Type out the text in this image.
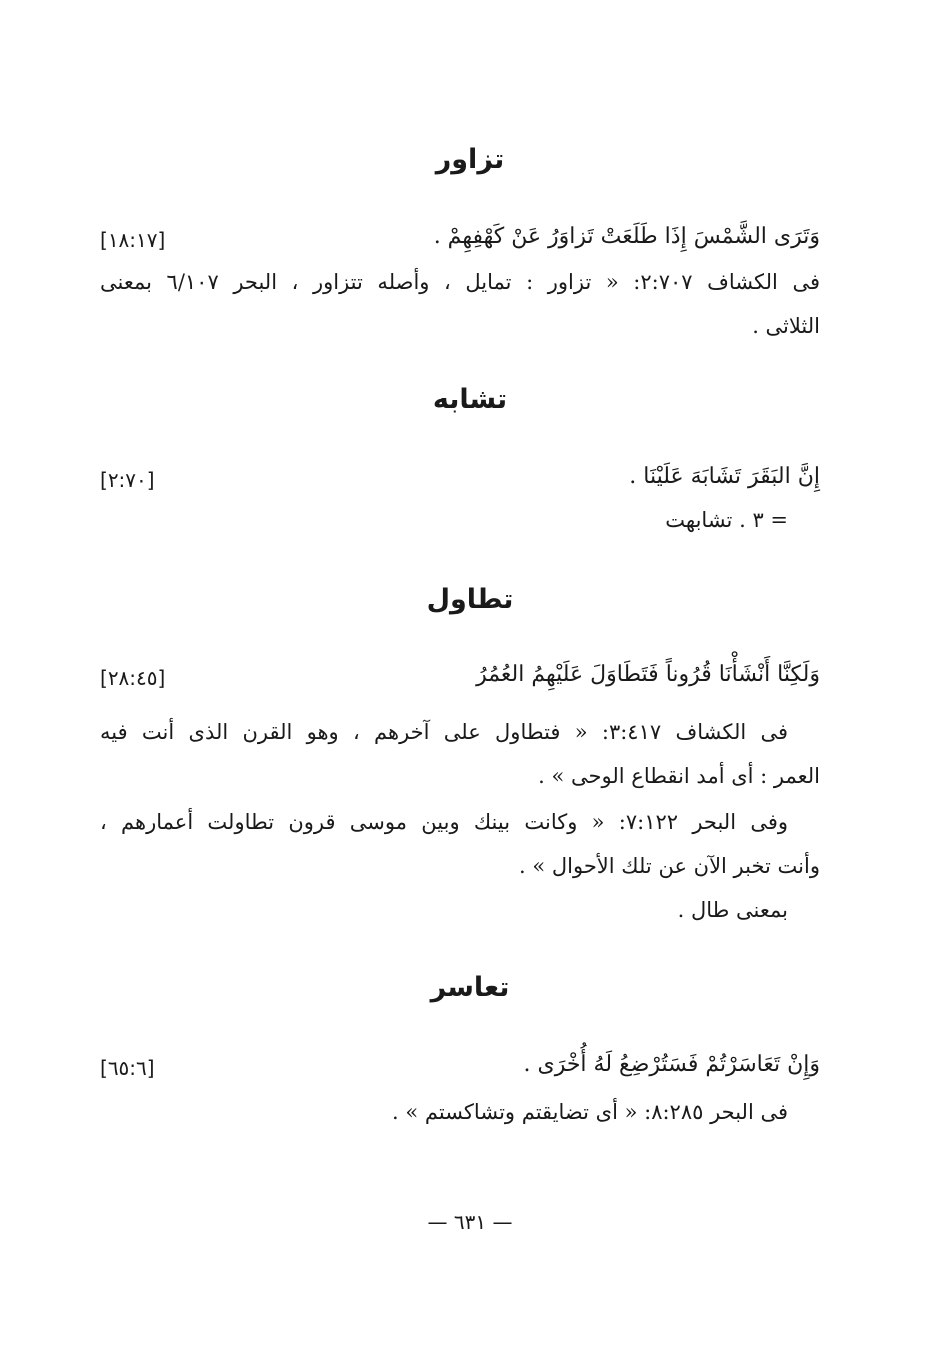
تزاور
وَتَرَى الشَّمْسَ إِذَا طَلَعَتْ تَزاوَرُ عَنْ كَهْفِهِمْ .
[١٨:١٧]
فى الكشاف ٢:٧٠٧: « تزاور : تمايل ، وأصله تتزاور ، البحر ٦/١٠٧ بمعنى
الثلاثى .
تشابه
إِنَّ البَقَرَ تَشَابَهَ عَلَيْنَا .
[٢:٧٠]
= ٣ . تشابهت
تطاول
وَلَكِنَّا أَنْشَأْنَا قُرُوناً فَتَطَاوَلَ عَلَيْهِمُ العُمُرُ
[٢٨:٤٥]
فى الكشاف ٣:٤١٧: « فتطاول على آخرهم ، وهو القرن الذى أنت فيه
العمر : أى أمد انقطاع الوحى » .
وفى البحر ٧:١٢٢: « وكانت بينك وبين موسى قرون تطاولت أعمارهم ،
وأنت تخبر الآن عن تلك الأحوال » .
بمعنى طال .
تعاسر
وَإِنْ تَعَاسَرْتُمْ فَسَتُرْضِعُ لَهُ أُخْرَى .
[٦٥:٦]
فى البحر ٨:٢٨٥: « أى تضايقتم وتشاكستم » .
— ٦٣١ —
